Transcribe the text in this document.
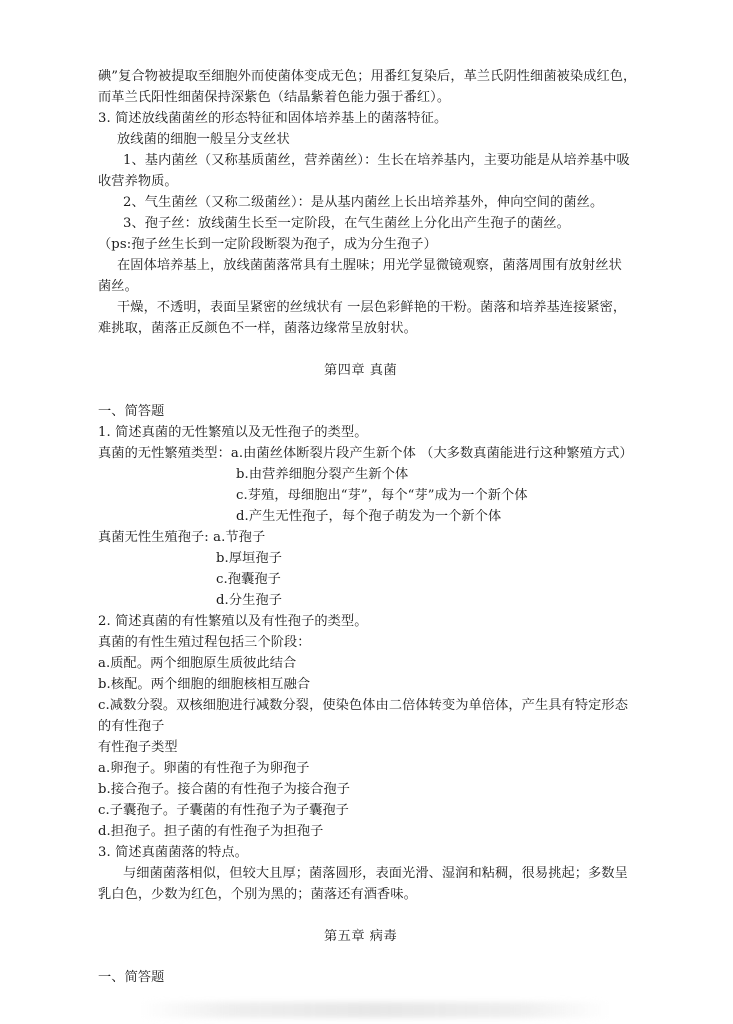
碘”复合物被提取至细胞外而使菌体变成无色；用番红复染后，革兰氏阴性细菌被染成红色，
而革兰氏阳性细菌保持深紫色（结晶紫着色能力强于番红）。
3. 简述放线菌菌丝的形态特征和固体培养基上的菌落特征。
放线菌的细胞一般呈分支丝状
1、基内菌丝（又称基质菌丝，营养菌丝）：生长在培养基内，主要功能是从培养基中吸
收营养物质。
2、气生菌丝（又称二级菌丝）：是从基内菌丝上长出培养基外，伸向空间的菌丝。
3、孢子丝：放线菌生长至一定阶段，在气生菌丝上分化出产生孢子的菌丝。
（ps:孢子丝生长到一定阶段断裂为孢子，成为分生孢子）
在固体培养基上，放线菌菌落常具有土腥味；用光学显微镜观察，菌落周围有放射丝状
菌丝。
干燥，不透明，表面呈紧密的丝绒状有 一层色彩鲜艳的干粉。菌落和培养基连接紧密，
难挑取，菌落正反颜色不一样，菌落边缘常呈放射状。
第四章 真菌
一、简答题
1. 简述真菌的无性繁殖以及无性孢子的类型。
真菌的无性繁殖类型：a.由菌丝体断裂片段产生新个体 （大多数真菌能进行这种繁殖方式）
b.由营养细胞分裂产生新个体
c.芽殖，母细胞出“芽”，每个“芽”成为一个新个体
d.产生无性孢子，每个孢子萌发为一个新个体
真菌无性生殖孢子: a.节孢子
b.厚垣孢子
c.孢囊孢子
d.分生孢子
2. 简述真菌的有性繁殖以及有性孢子的类型。
真菌的有性生殖过程包括三个阶段：
a.质配。两个细胞原生质彼此结合
b.核配。两个细胞的细胞核相互融合
c.减数分裂。双核细胞进行减数分裂，使染色体由二倍体转变为单倍体，产生具有特定形态
的有性孢子
有性孢子类型
a.卵孢子。卵菌的有性孢子为卵孢子
b.接合孢子。接合菌的有性孢子为接合孢子
c.子囊孢子。子囊菌的有性孢子为子囊孢子
d.担孢子。担子菌的有性孢子为担孢子
3. 简述真菌菌落的特点。
与细菌菌落相似，但较大且厚；菌落圆形，表面光滑、湿润和粘稠，很易挑起；多数呈
乳白色，少数为红色，个别为黑的；菌落还有酒香味。
第五章 病毒
一、简答题
